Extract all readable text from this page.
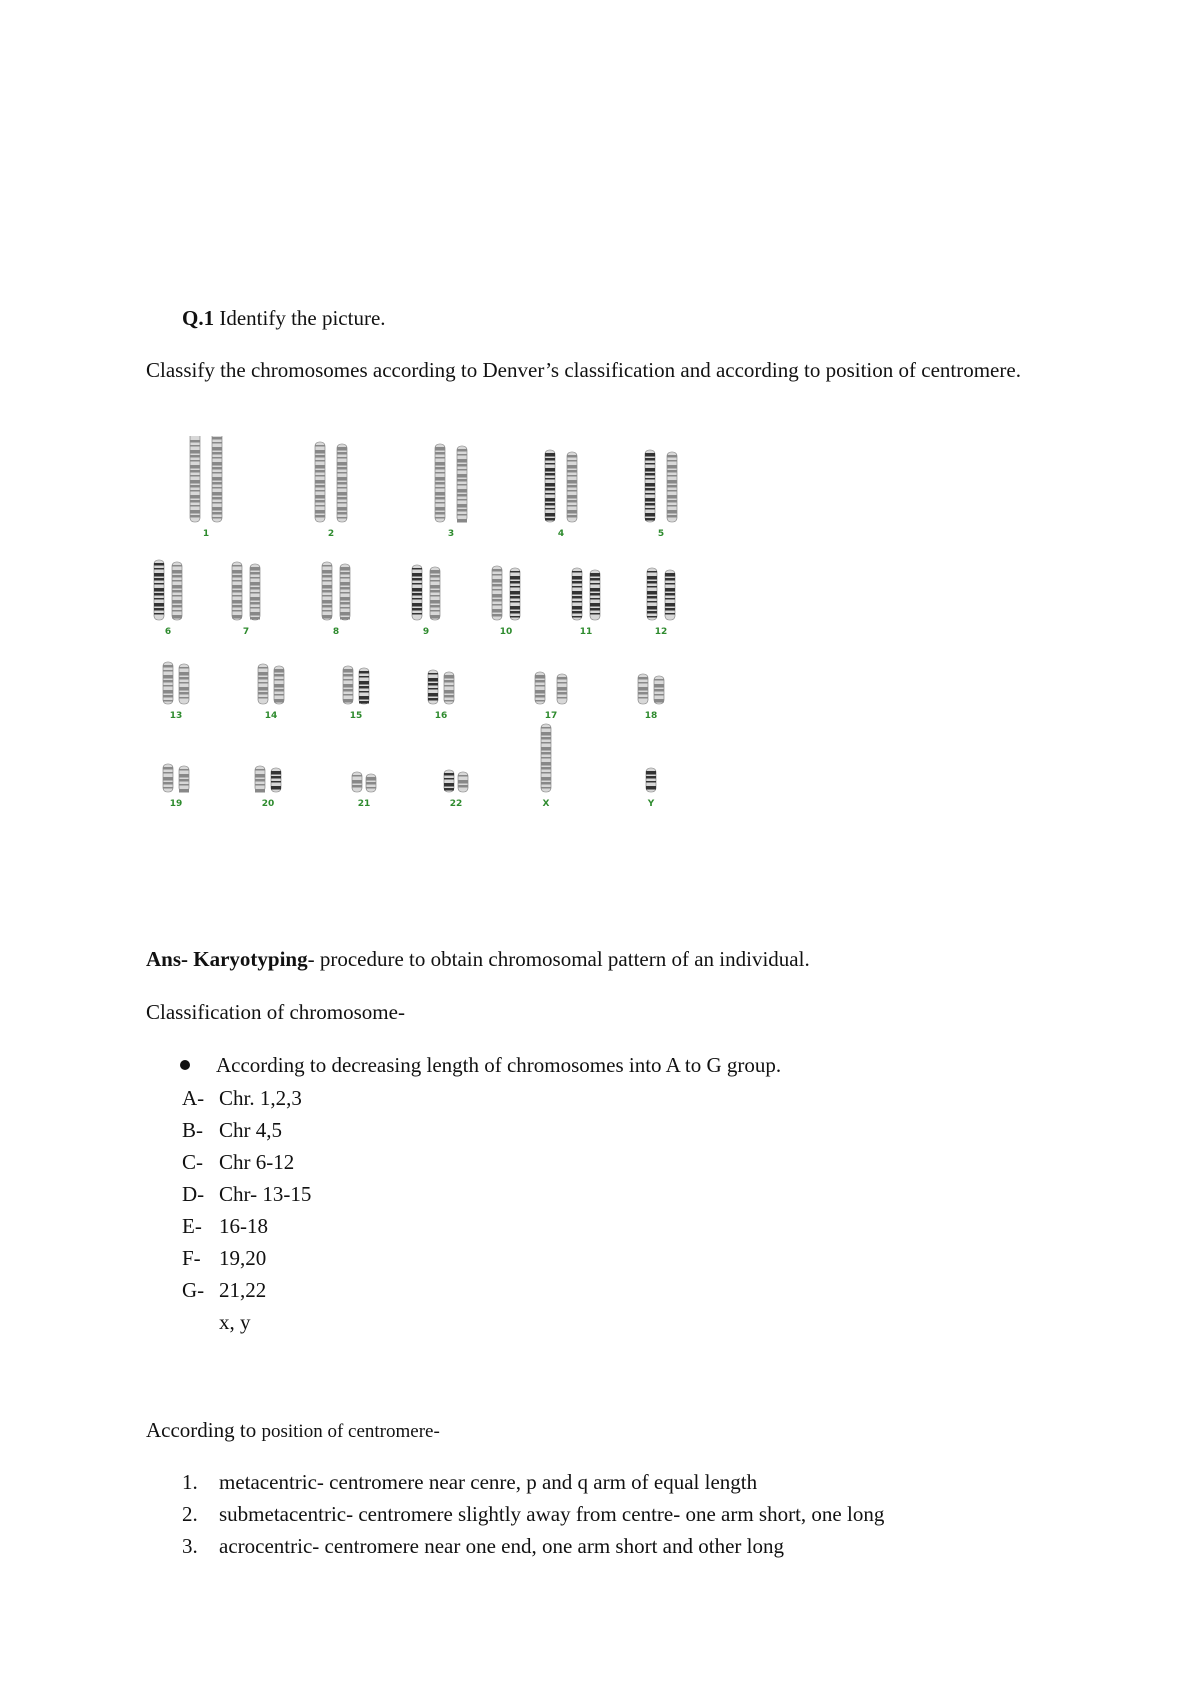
Q.1 Identify the picture.
Classify the chromosomes according to Denver’s classification and according to position of centromere.
1	2	3	4	5
6	7	8	9	10	11	12
13	14	15	16	17	18
19	20	21	22	X	Y
Ans- Karyotyping- procedure to obtain chromosomal pattern of an individual.
Classification of chromosome-
According to decreasing length of chromosomes into A to G group.
A- Chr. 1,2,3
B- Chr 4,5
C- Chr 6-12
D- Chr- 13-15
E- 16-18
F- 19,20
G- 21,22
x, y
According to position of centromere-
1. metacentric- centromere near cenre, p and q arm of equal length
2. submetacentric- centromere slightly away from centre- one arm short, one long
3. acrocentric- centromere near one end, one arm short and other long
